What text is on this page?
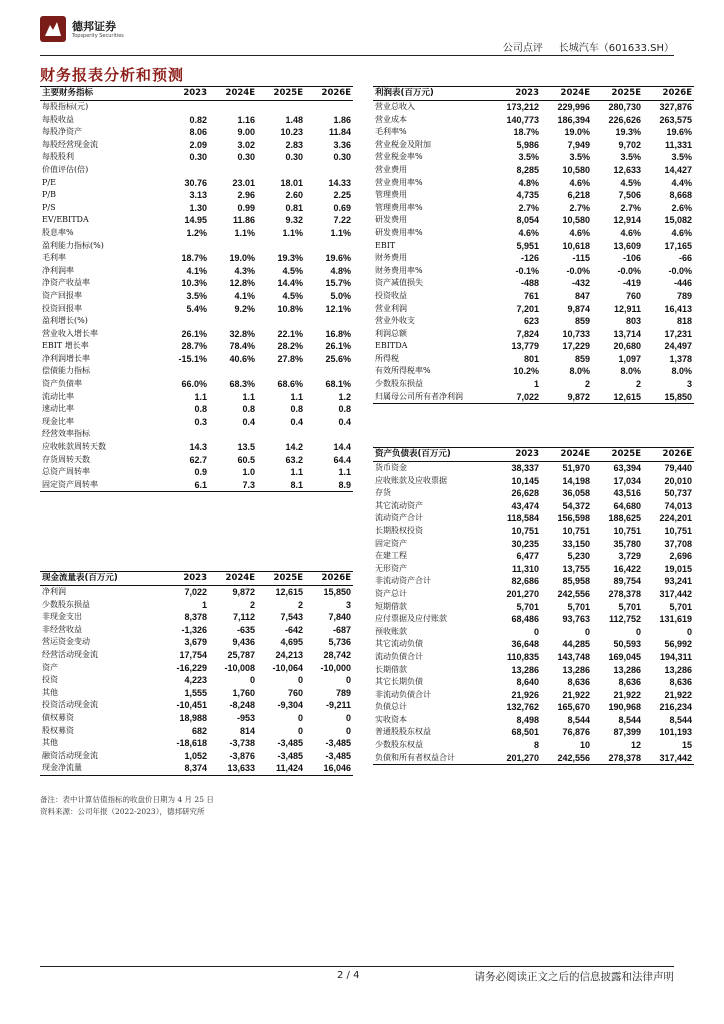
德邦证券
Topsperity Securities
公司点评 长城汽车（601633.SH）
财务报表分析和预测
主要财务指标	2023	2024E	2025E	2026E
每股指标(元)				
每股收益	0.82	1.16	1.48	1.86
每股净资产	8.06	9.00	10.23	11.84
每股经营现金流	2.09	3.02	2.83	3.36
每股股利	0.30	0.30	0.30	0.30
价值评估(倍)				
P/E	30.76	23.01	18.01	14.33
P/B	3.13	2.96	2.60	2.25
P/S	1.30	0.99	0.81	0.69
EV/EBITDA	14.95	11.86	9.32	7.22
股息率%	1.2%	1.1%	1.1%	1.1%
盈利能力指标(%)				
毛利率	18.7%	19.0%	19.3%	19.6%
净利润率	4.1%	4.3%	4.5%	4.8%
净资产收益率	10.3%	12.8%	14.4%	15.7%
资产回报率	3.5%	4.1%	4.5%	5.0%
投资回报率	5.4%	9.2%	10.8%	12.1%
盈利增长(%)				
营业收入增长率	26.1%	32.8%	22.1%	16.8%
EBIT 增长率	28.7%	78.4%	28.2%	26.1%
净利润增长率	-15.1%	40.6%	27.8%	25.6%
偿债能力指标				
资产负债率	66.0%	68.3%	68.6%	68.1%
流动比率	1.1	1.1	1.1	1.2
速动比率	0.8	0.8	0.8	0.8
现金比率	0.3	0.4	0.4	0.4
经营效率指标				
应收帐款周转天数	14.3	13.5	14.2	14.4
存货周转天数	62.7	60.5	63.2	64.4
总资产周转率	0.9	1.0	1.1	1.1
固定资产周转率	6.1	7.3	8.1	8.9
现金流量表(百万元)	2023	2024E	2025E	2026E
净利润	7,022	9,872	12,615	15,850
少数股东损益	1	2	2	3
非现金支出	8,378	7,112	7,543	7,840
非经营收益	-1,326	-635	-642	-687
营运资金变动	3,679	9,436	4,695	5,736
经营活动现金流	17,754	25,787	24,213	28,742
资产	-16,229	-10,008	-10,064	-10,000
投资	4,223	0	0	0
其他	1,555	1,760	760	789
投资活动现金流	-10,451	-8,248	-9,304	-9,211
债权募资	18,988	-953	0	0
股权募资	682	814	0	0
其他	-18,618	-3,738	-3,485	-3,485
融资活动现金流	1,052	-3,876	-3,485	-3,485
现金净流量	8,374	13,633	11,424	16,046
利润表(百万元)	2023	2024E	2025E	2026E
营业总收入	173,212	229,996	280,730	327,876
营业成本	140,773	186,394	226,626	263,575
毛利率%	18.7%	19.0%	19.3%	19.6%
营业税金及附加	5,986	7,949	9,702	11,331
营业税金率%	3.5%	3.5%	3.5%	3.5%
营业费用	8,285	10,580	12,633	14,427
营业费用率%	4.8%	4.6%	4.5%	4.4%
管理费用	4,735	6,218	7,506	8,668
管理费用率%	2.7%	2.7%	2.7%	2.6%
研发费用	8,054	10,580	12,914	15,082
研发费用率%	4.6%	4.6%	4.6%	4.6%
EBIT	5,951	10,618	13,609	17,165
财务费用	-126	-115	-106	-66
财务费用率%	-0.1%	-0.0%	-0.0%	-0.0%
资产减值损失	-488	-432	-419	-446
投资收益	761	847	760	789
营业利润	7,201	9,874	12,911	16,413
营业外收支	623	859	803	818
利润总额	7,824	10,733	13,714	17,231
EBITDA	13,779	17,229	20,680	24,497
所得税	801	859	1,097	1,378
有效所得税率%	10.2%	8.0%	8.0%	8.0%
少数股东损益	1	2	2	3
归属母公司所有者净利润	7,022	9,872	12,615	15,850
资产负债表(百万元)	2023	2024E	2025E	2026E
货币资金	38,337	51,970	63,394	79,440
应收账款及应收票据	10,145	14,198	17,034	20,010
存货	26,628	36,058	43,516	50,737
其它流动资产	43,474	54,372	64,680	74,013
流动资产合计	118,584	156,598	188,625	224,201
长期股权投资	10,751	10,751	10,751	10,751
固定资产	30,235	33,150	35,780	37,708
在建工程	6,477	5,230	3,729	2,696
无形资产	11,310	13,755	16,422	19,015
非流动资产合计	82,686	85,958	89,754	93,241
资产总计	201,270	242,556	278,378	317,442
短期借款	5,701	5,701	5,701	5,701
应付票据及应付账款	68,486	93,763	112,752	131,619
预收账款	0	0	0	0
其它流动负债	36,648	44,285	50,593	56,992
流动负债合计	110,835	143,748	169,045	194,311
长期借款	13,286	13,286	13,286	13,286
其它长期负债	8,640	8,636	8,636	8,636
非流动负债合计	21,926	21,922	21,922	21,922
负债总计	132,762	165,670	190,968	216,234
实收资本	8,498	8,544	8,544	8,544
普通股股东权益	68,501	76,876	87,399	101,193
少数股东权益	8	10	12	15
负债和所有者权益合计	201,270	242,556	278,378	317,442
备注：表中计算估值指标的收盘价日期为 4 月 25 日
资料来源：公司年报（2022-2023），德邦研究所
2 / 4	请务必阅读正文之后的信息披露和法律声明
